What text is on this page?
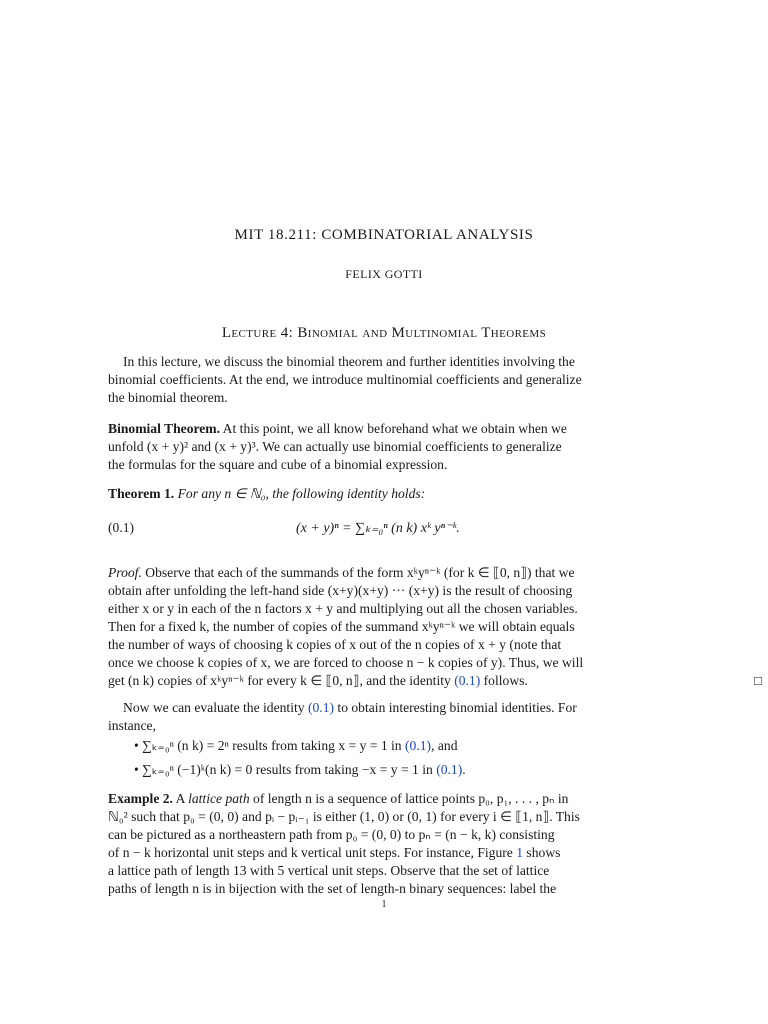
MIT 18.211: COMBINATORIAL ANALYSIS
FELIX GOTTI
Lecture 4: Binomial and Multinomial Theorems
In this lecture, we discuss the binomial theorem and further identities involving the
binomial coefficients. At the end, we introduce multinomial coefficients and generalize
the binomial theorem.
Binomial Theorem. At this point, we all know beforehand what we obtain when we
unfold (x + y)² and (x + y)³. We can actually use binomial coefficients to generalize
the formulas for the square and cube of a binomial expression.
Theorem 1. For any n ∈ ℕ₀, the following identity holds:
(0.1)	(x + y)ⁿ = ∑ₖ₌₀ⁿ (n k) xᵏ yⁿ⁻ᵏ.
Proof. Observe that each of the summands of the form xᵏyⁿ⁻ᵏ (for k ∈ ⟦0, n⟧) that we
obtain after unfolding the left-hand side (x+y)(x+y) ··· (x+y) is the result of choosing
either x or y in each of the n factors x + y and multiplying out all the chosen variables.
Then for a fixed k, the number of copies of the summand xᵏyⁿ⁻ᵏ we will obtain equals
the number of ways of choosing k copies of x out of the n copies of x + y (note that
once we choose k copies of x, we are forced to choose n − k copies of y). Thus, we will
get (n k) copies of xᵏyⁿ⁻ᵏ for every k ∈ ⟦0, n⟧, and the identity (0.1) follows.	□
Now we can evaluate the identity (0.1) to obtain interesting binomial identities. For
instance,
• ∑ₖ₌₀ⁿ (n k) = 2ⁿ results from taking x = y = 1 in (0.1), and
• ∑ₖ₌₀ⁿ (−1)ᵏ(n k) = 0 results from taking −x = y = 1 in (0.1).
Example 2. A lattice path of length n is a sequence of lattice points p₀, p₁, . . . , pₙ in
ℕ₀² such that p₀ = (0, 0) and pᵢ − pᵢ₋₁ is either (1, 0) or (0, 1) for every i ∈ ⟦1, n⟧. This
can be pictured as a northeastern path from p₀ = (0, 0) to pₙ = (n − k, k) consisting
of n − k horizontal unit steps and k vertical unit steps. For instance, Figure 1 shows
a lattice path of length 13 with 5 vertical unit steps. Observe that the set of lattice
paths of length n is in bijection with the set of length-n binary sequences: label the
1
